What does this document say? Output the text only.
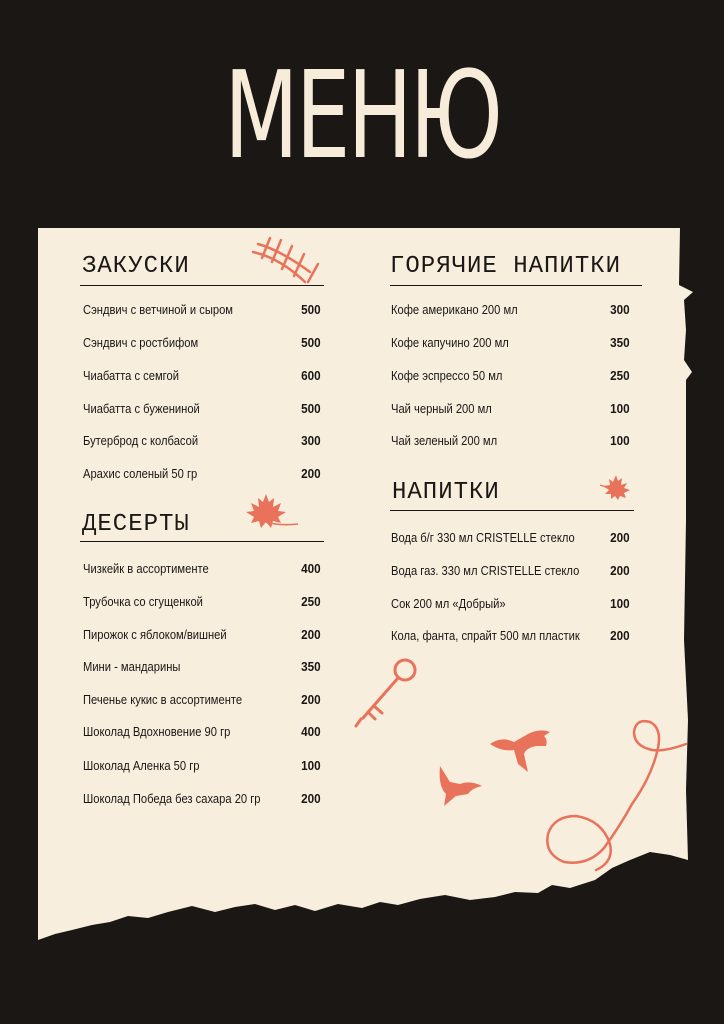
МЕНЮ
ЗАКУСКИ
Сэндвич с ветчиной и сыром	500
Сэндвич с ростбифом	500
Чиабатта с семгой	600
Чиабатта с бужениной	500
Бутерброд с колбасой	300
Арахис соленый 50 гр	200
ДЕСЕРТЫ
Чизкейк в ассортименте	400
Трубочка со сгущенкой	250
Пирожок с яблоком/вишней	200
Мини - мандарины	350
Печенье кукис в ассортименте	200
Шоколад Вдохновение 90 гр	400
Шоколад Аленка 50 гр	100
Шоколад Победа без сахара 20 гр	200
ГОРЯЧИЕ НАПИТКИ
Кофе американо 200 мл	300
Кофе капучино 200 мл	350
Кофе эспрессо 50 мл	250
Чай черный 200 мл	100
Чай зеленый 200 мл	100
НАПИТКИ
Вода б/г 330 мл CRISTELLE стекло	200
Вода газ. 330 мл CRISTELLE стекло 200
Сок 200 мл «Добрый»	100
Кола, фанта, спрайт 500 мл пластик 200
